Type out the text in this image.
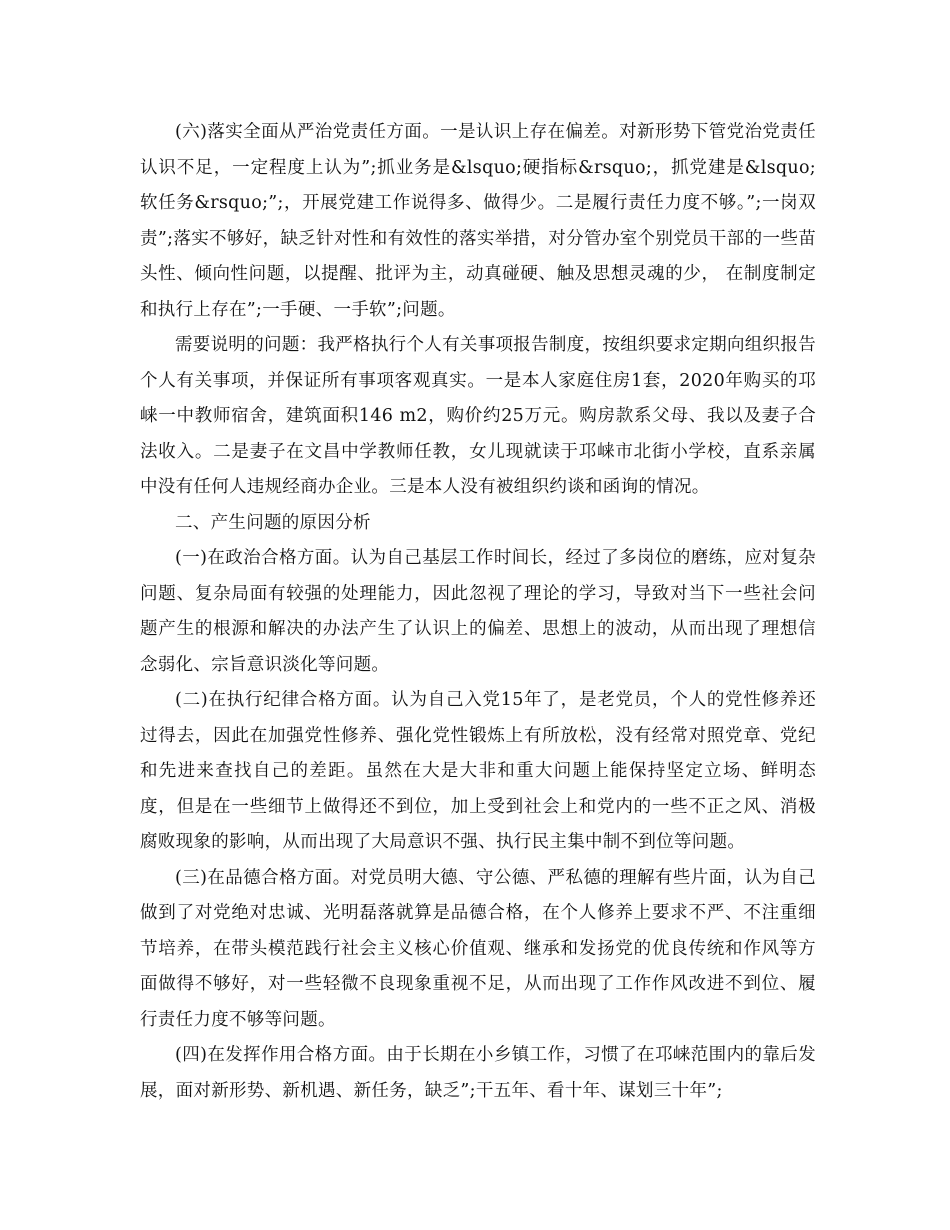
(六)落实全面从严治党责任方面。一是认识上存在偏差。对新形势下管党治党责任认识不足，一定程度上认为”;抓业务是&lsquo;硬指标&rsquo;，抓党建是&lsquo;软任务&rsquo;”;，开展党建工作说得多、做得少。二是履行责任力度不够。”;一岗双责”;落实不够好，缺乏针对性和有效性的落实举措，对分管办室个别党员干部的一些苗头性、倾向性问题，以提醒、批评为主，动真碰硬、触及思想灵魂的少， 在制度制定和执行上存在”;一手硬、一手软”;问题。

需要说明的问题：我严格执行个人有关事项报告制度，按组织要求定期向组织报告个人有关事项，并保证所有事项客观真实。一是本人家庭住房1套，2020年购买的邛崃一中教师宿舍，建筑面积146 m2，购价约25万元。购房款系父母、我以及妻子合法收入。二是妻子在文昌中学教师任教，女儿现就读于邛崃市北街小学校，直系亲属中没有任何人违规经商办企业。三是本人没有被组织约谈和函询的情况。

二、产生问题的原因分析

(一)在政治合格方面。认为自己基层工作时间长，经过了多岗位的磨练，应对复杂问题、复杂局面有较强的处理能力，因此忽视了理论的学习，导致对当下一些社会问题产生的根源和解决的办法产生了认识上的偏差、思想上的波动，从而出现了理想信念弱化、宗旨意识淡化等问题。

(二)在执行纪律合格方面。认为自己入党15年了，是老党员，个人的党性修养还过得去，因此在加强党性修养、强化党性锻炼上有所放松，没有经常对照党章、党纪和先进来查找自己的差距。虽然在大是大非和重大问题上能保持坚定立场、鲜明态度，但是在一些细节上做得还不到位，加上受到社会上和党内的一些不正之风、消极腐败现象的影响，从而出现了大局意识不强、执行民主集中制不到位等问题。

(三)在品德合格方面。对党员明大德、守公德、严私德的理解有些片面，认为自己做到了对党绝对忠诚、光明磊落就算是品德合格，在个人修养上要求不严、不注重细节培养，在带头模范践行社会主义核心价值观、继承和发扬党的优良传统和作风等方面做得不够好，对一些轻微不良现象重视不足，从而出现了工作作风改进不到位、履行责任力度不够等问题。

(四)在发挥作用合格方面。由于长期在小乡镇工作，习惯了在邛崃范围内的靠后发展，面对新形势、新机遇、新任务，缺乏”;干五年、看十年、谋划三十年”;
